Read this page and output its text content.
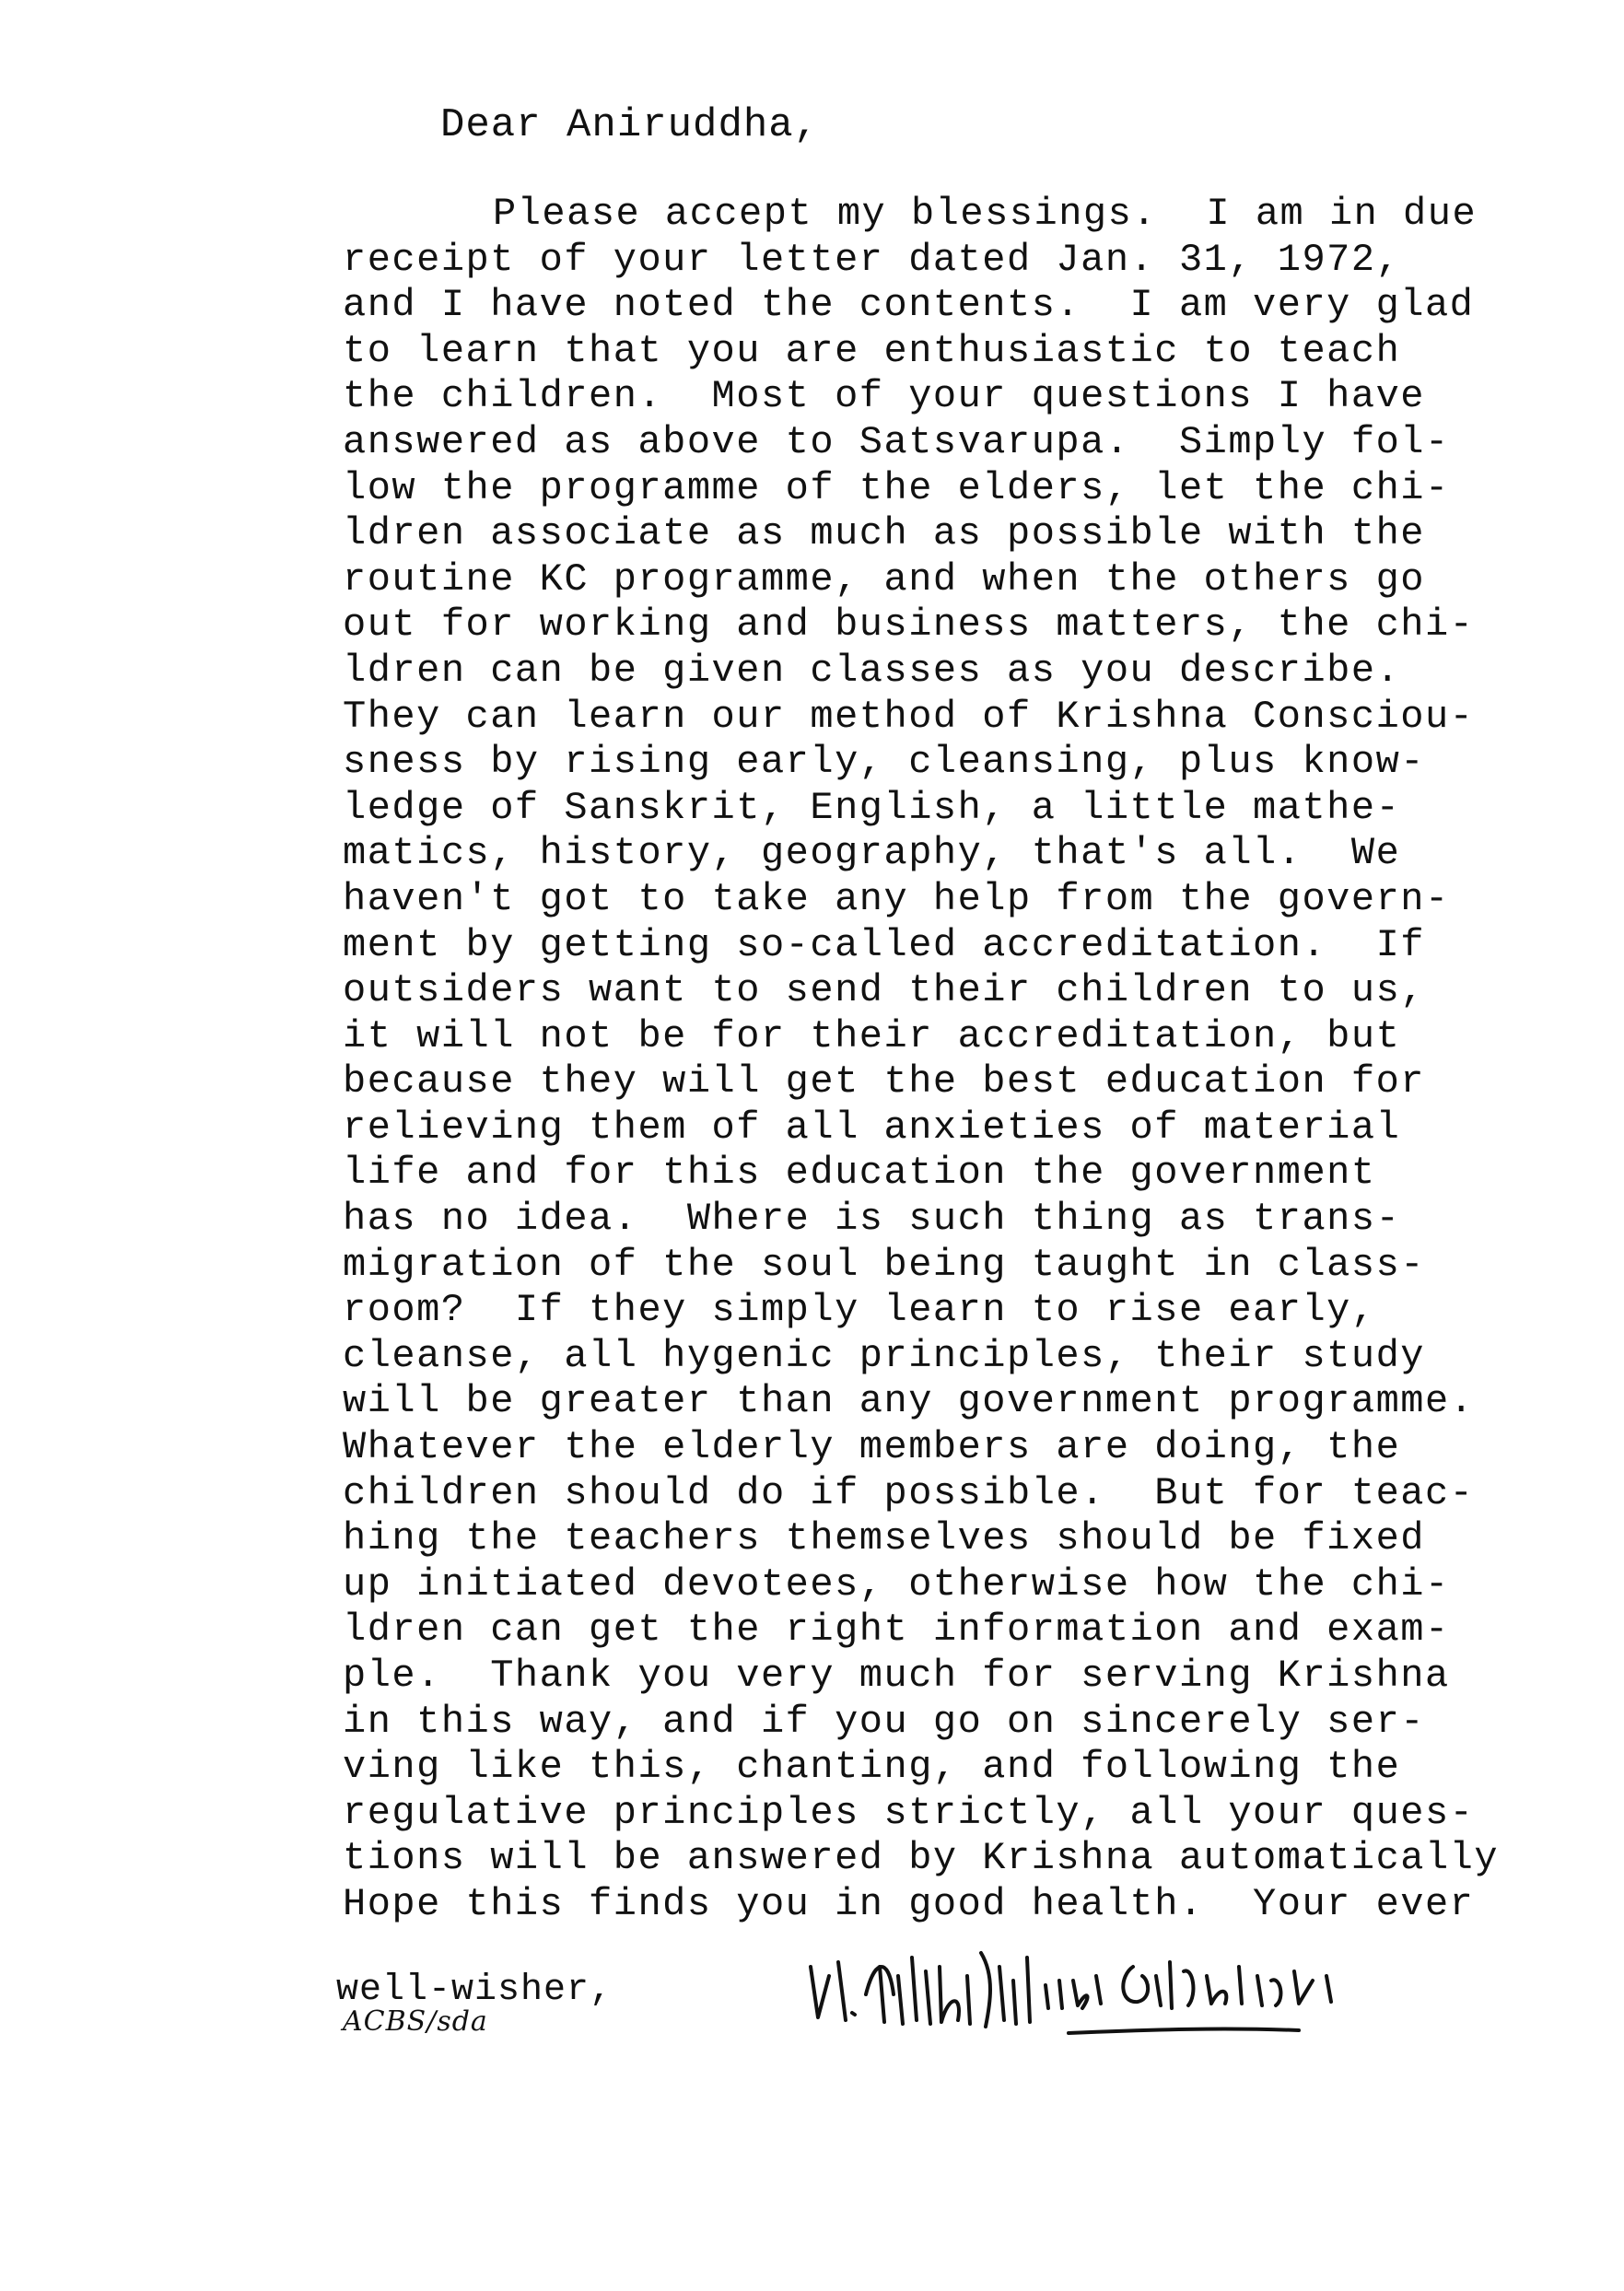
Dear Aniruddha,
Please accept my blessings.  I am in due
receipt of your letter dated Jan. 31, 1972,
and I have noted the contents.  I am very glad
to learn that you are enthusiastic to teach
the children.  Most of your questions I have
answered as above to Satsvarupa.  Simply fol-
low the programme of the elders, let the chi-
ldren associate as much as possible with the
routine KC programme, and when the others go
out for working and business matters, the chi-
ldren can be given classes as you describe.
They can learn our method of Krishna Consciou-
sness by rising early, cleansing, plus know-
ledge of Sanskrit, English, a little mathe-
matics, history, geography, that's all.  We
haven't got to take any help from the govern-
ment by getting so-called accreditation.  If
outsiders want to send their children to us,
it will not be for their accreditation, but
because they will get the best education for
relieving them of all anxieties of material
life and for this education the government
has no idea.  Where is such thing as trans-
migration of the soul being taught in class-
room?  If they simply learn to rise early,
cleanse, all hygenic principles, their study
will be greater than any government programme.
Whatever the elderly members are doing, the
children should do if possible.  But for teac-
hing the teachers themselves should be fixed
up initiated devotees, otherwise how the chi-
ldren can get the right information and exam-
ple.  Thank you very much for serving Krishna
in this way, and if you go on sincerely ser-
ving like this, chanting, and following the
regulative principles strictly, all your ques-
tions will be answered by Krishna automatically
Hope this finds you in good health.  Your ever
well-wisher,
ACBS/sda
